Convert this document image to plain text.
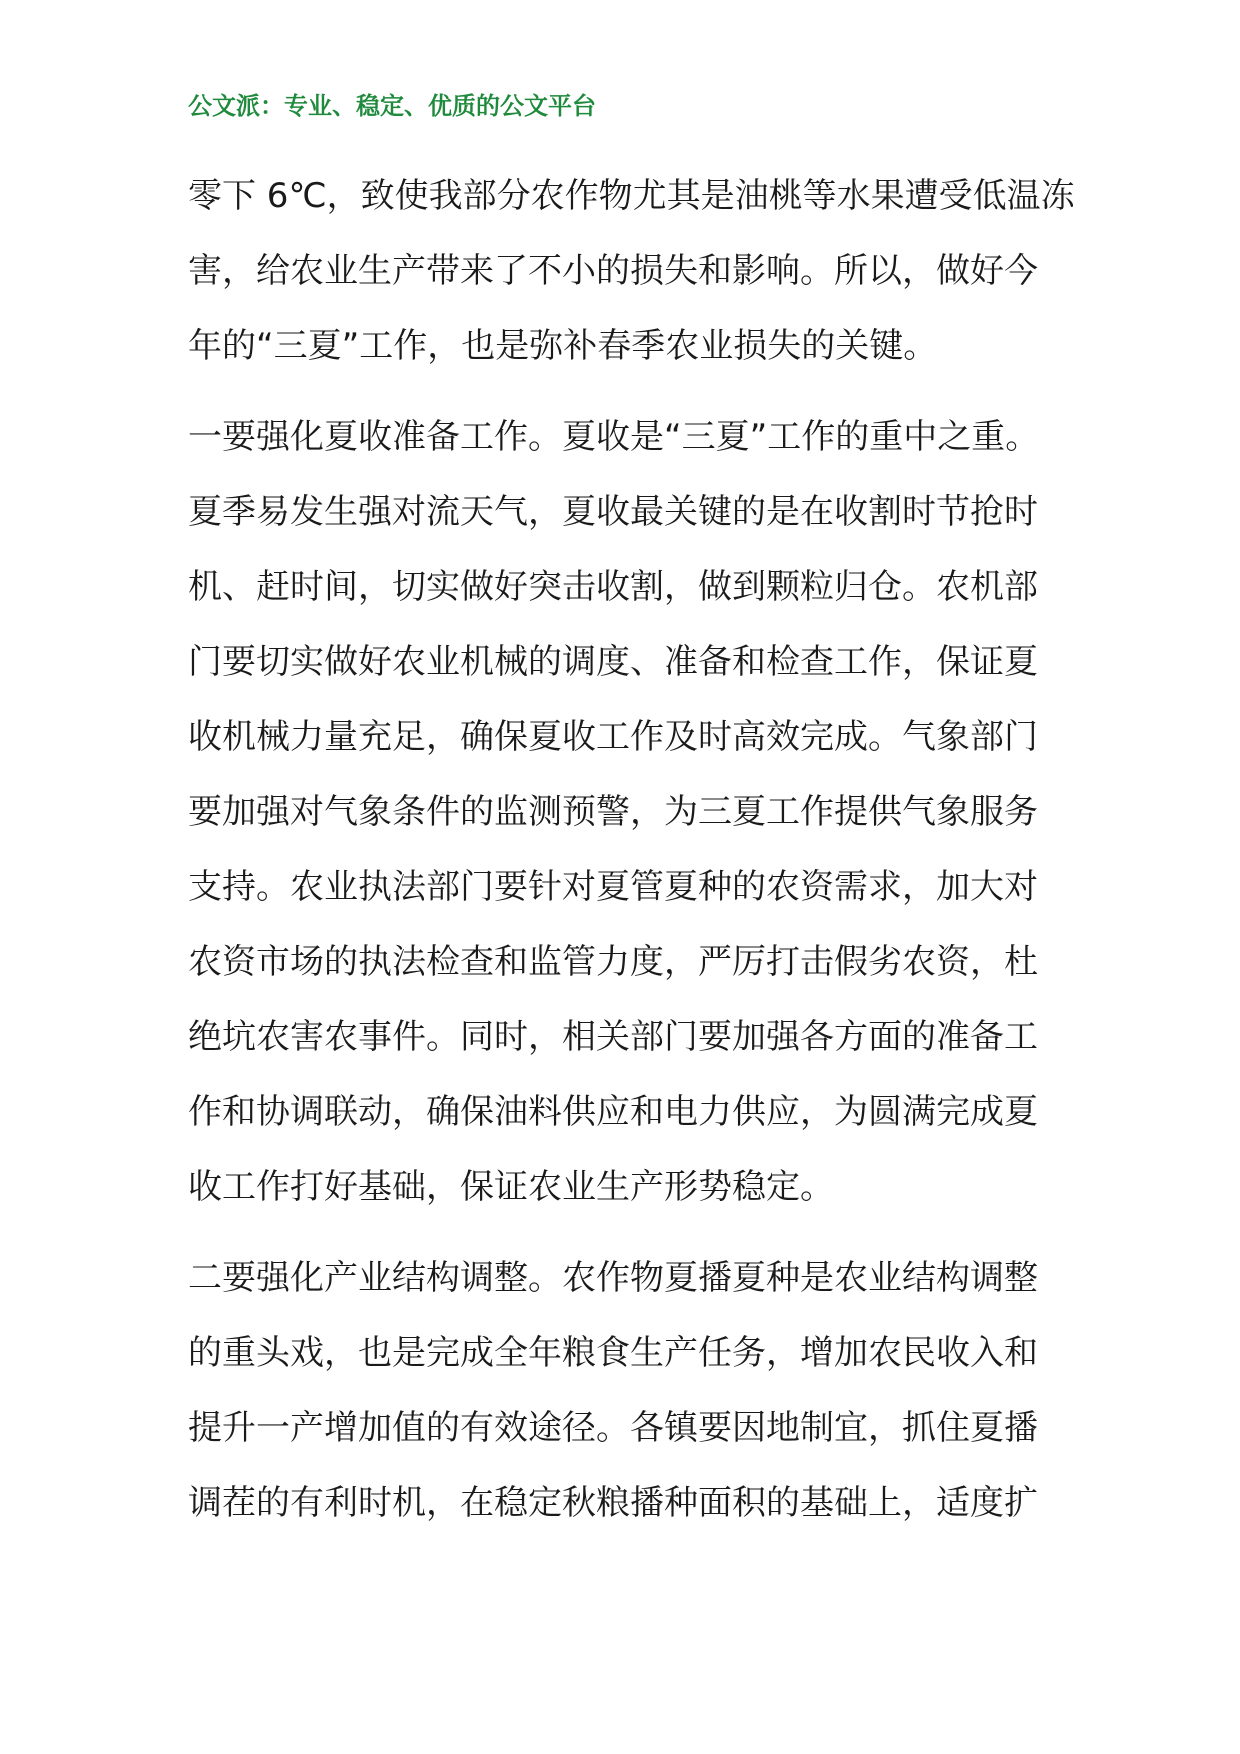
公文派：专业、稳定、优质的公文平台
零下 6℃，致使我部分农作物尤其是油桃等水果遭受低温冻
害，给农业生产带来了不小的损失和影响。所以，做好今
年的“三夏”工作，也是弥补春季农业损失的关键。
一要强化夏收准备工作。夏收是“三夏”工作的重中之重。
夏季易发生强对流天气，夏收最关键的是在收割时节抢时
机、赶时间，切实做好突击收割，做到颗粒归仓。农机部
门要切实做好农业机械的调度、准备和检查工作，保证夏
收机械力量充足，确保夏收工作及时高效完成。气象部门
要加强对气象条件的监测预警，为三夏工作提供气象服务
支持。农业执法部门要针对夏管夏种的农资需求，加大对
农资市场的执法检查和监管力度，严厉打击假劣农资，杜
绝坑农害农事件。同时，相关部门要加强各方面的准备工
作和协调联动，确保油料供应和电力供应，为圆满完成夏
收工作打好基础，保证农业生产形势稳定。
二要强化产业结构调整。农作物夏播夏种是农业结构调整
的重头戏，也是完成全年粮食生产任务，增加农民收入和
提升一产增加值的有效途径。各镇要因地制宜，抓住夏播
调茬的有利时机，在稳定秋粮播种面积的基础上，适度扩
